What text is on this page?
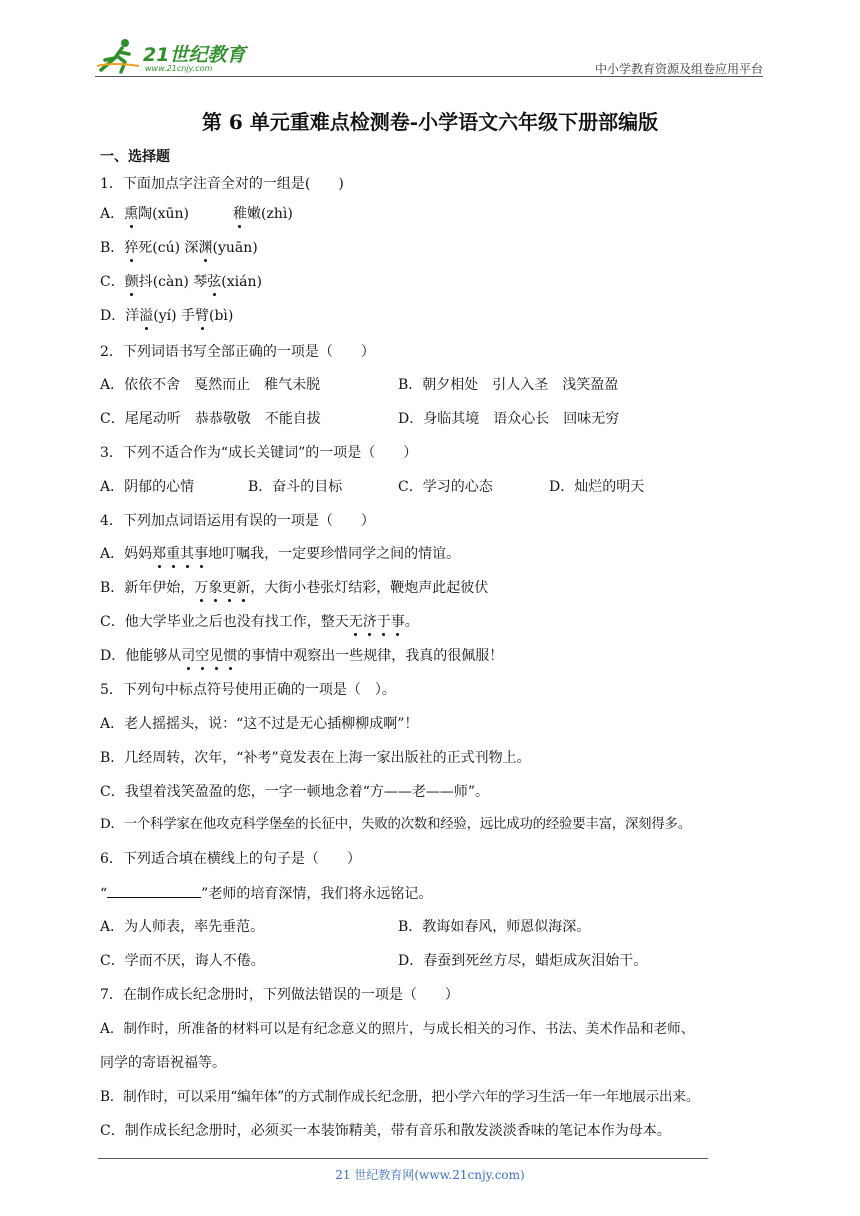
21世纪教育
www.21cnjy.com	中小学教育资源及组卷应用平台
第 6 单元重难点检测卷-小学语文六年级下册部编版
一、选择题
1．下面加点字注音全对的一组是(　　)
A．熏陶(xūn)	稚嫩(zhì)
B．猝死(cú) 深渊(yuān)
C．颤抖(càn) 琴弦(xián)
D．洋溢(yí) 手臂(bì)
2．下列词语书写全部正确的一项是（　　）
A．依依不舍　戛然而止　稚气未脱	B．朝夕相处　引人入圣　浅笑盈盈
C．尾尾动听　恭恭敬敬　不能自拔	D．身临其境　语众心长　回味无穷
3．下列不适合作为“成长关键词”的一项是（　　）
A．阴郁的心情	B．奋斗的目标	C．学习的心态	D．灿烂的明天
4．下列加点词语运用有误的一项是（　　）
A．妈妈郑重其事地叮嘱我，一定要珍惜同学之间的情谊。
B．新年伊始，万象更新，大街小巷张灯结彩，鞭炮声此起彼伏
C．他大学毕业之后也没有找工作，整天无济于事。
D．他能够从司空见惯的事情中观察出一些规律，我真的很佩服！
5．下列句中标点符号使用正确的一项是（　）。
A．老人摇摇头，说：“这不过是无心插柳柳成啊”！
B．几经周转，次年，“补考”竟发表在上海一家出版社的正式刊物上。
C．我望着浅笑盈盈的您，一字一顿地念着“方——老——师”。
D．一个科学家在他攻克科学堡垒的长征中，失败的次数和经验，远比成功的经验要丰富，深刻得多。
6．下列适合填在横线上的句子是（　　）
“	”老师的培育深情，我们将永远铭记。
A．为人师表，率先垂范。	B．教诲如春风，师恩似海深。
C．学而不厌，诲人不倦。	D．春蚕到死丝方尽，蜡炬成灰泪始干。
7．在制作成长纪念册时，下列做法错误的一项是（　　）
A．制作时，所准备的材料可以是有纪念意义的照片，与成长相关的习作、书法、美术作品和老师、
同学的寄语祝福等。
B．制作时，可以采用“编年体”的方式制作成长纪念册，把小学六年的学习生活一年一年地展示出来。
C．制作成长纪念册时，必须买一本装饰精美，带有音乐和散发淡淡香味的笔记本作为母本。
21 世纪教育网(www.21cnjy.com)
